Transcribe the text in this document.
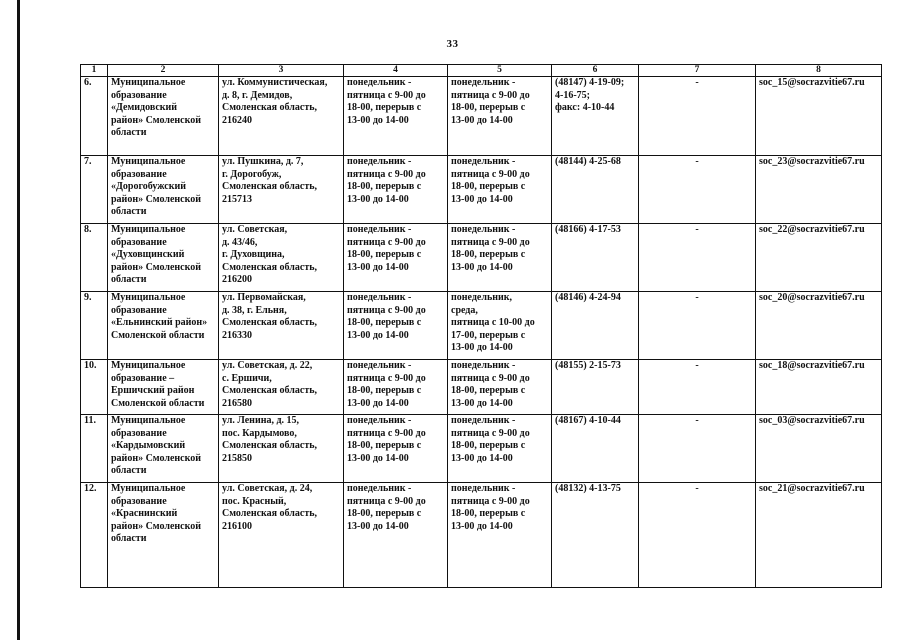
33
1	2	3	4	5	6	7	8
6.	Муниципальное
образование
«Демидовский
район» Смоленской
области	ул. Коммунистическая,
д. 8, г. Демидов,
Смоленская область,
216240	понедельник -
пятница с 9-00 до
18-00, перерыв с
13-00 до 14-00	понедельник -
пятница с 9-00 до
18-00, перерыв с
13-00 до 14-00	(48147) 4-19-09;
4-16-75;
факс: 4-10-44	-	soc_15@socrazvitie67.ru
7.	Муниципальное
образование
«Дорогобужский
район» Смоленской
области	ул. Пушкина, д. 7,
г. Дорогобуж,
Смоленская область,
215713	понедельник -
пятница с 9-00 до
18-00, перерыв с
13-00 до 14-00	понедельник -
пятница с 9-00 до
18-00, перерыв с
13-00 до 14-00	(48144) 4-25-68	-	soc_23@socrazvitie67.ru
8.	Муниципальное
образование
«Духовщинский
район» Смоленской
области	ул. Советская,
д. 43/46,
г. Духовщина,
Смоленская область,
216200	понедельник -
пятница с 9-00 до
18-00, перерыв с
13-00 до 14-00	понедельник -
пятница с 9-00 до
18-00, перерыв с
13-00 до 14-00	(48166) 4-17-53	-	soc_22@socrazvitie67.ru
9.	Муниципальное
образование
«Ельнинский район»
Смоленской области	ул. Первомайская,
д. 38, г. Ельня,
Смоленская область,
216330	понедельник -
пятница с 9-00 до
18-00, перерыв с
13-00 до 14-00	понедельник,
среда,
пятница с 10-00 до
17-00, перерыв с
13-00 до 14-00	(48146) 4-24-94	-	soc_20@socrazvitie67.ru
10.	Муниципальное
образование –
Ершичский район
Смоленской области	ул. Советская, д. 22,
с. Ершичи,
Смоленская область,
216580	понедельник -
пятница с 9-00 до
18-00, перерыв с
13-00 до 14-00	понедельник -
пятница с 9-00 до
18-00, перерыв с
13-00 до 14-00	(48155) 2-15-73	-	soc_18@socrazvitie67.ru
11.	Муниципальное
образование
«Кардымовский
район» Смоленской
области	ул. Ленина, д. 15,
пос. Кардымово,
Смоленская область,
215850	понедельник -
пятница с 9-00 до
18-00, перерыв с
13-00 до 14-00	понедельник -
пятница с 9-00 до
18-00, перерыв с
13-00 до 14-00	(48167) 4-10-44	-	soc_03@socrazvitie67.ru
12.	Муниципальное
образование
«Краснинский
район» Смоленской
области	ул. Советская, д. 24,
пос. Красный,
Смоленская область,
216100	понедельник -
пятница с 9-00 до
18-00, перерыв с
13-00 до 14-00	понедельник -
пятница с 9-00 до
18-00, перерыв с
13-00 до 14-00	(48132) 4-13-75	-	soc_21@socrazvitie67.ru
